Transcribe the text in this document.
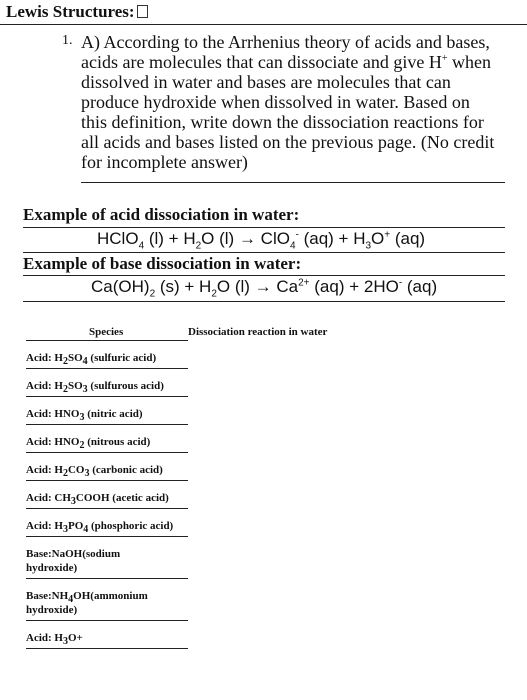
Lewis Structures:
1. A) According to the Arrhenius theory of acids and bases,
acids are molecules that can dissociate and give H+ when
dissolved in water and bases are molecules that can
produce hydroxide when dissolved in water. Based on
this definition, write down the dissociation reactions for
all acids and bases listed on the previous page. (No credit
for incomplete answer)
Example of acid dissociation in water:
HClO$_4$ $(l) + H_2O$ (l) → ClO$_4$- $(aq) + H_3O^+$ (aq)
Example of base dissociation in water:
$Ca(OH)_2$ $(s) + H_2O$ $(l) \to Ca^{2+}$ (aq) + 2HO- (aq)
Species	Dissociation reaction in water
Acid: $H_2SO_4$ (sulfuric acid)
Acid: $H_2SO_3$ (sulfurous acid)
Acid: $HNO_3$ (nitric acid)
Acid: $HNO_2$ (nitrous acid)
Acid: $H_2CO_3$ (carbonic acid)
Acid: $CH_3COOH$ (acetic acid)
Acid: $H_3PO_4$ (phosphoric acid)
Base:NaOH(sodium
hydroxide)
$Base:NH_4OH(ammonium$
hydroxide)
Acid: $H_3O+$
